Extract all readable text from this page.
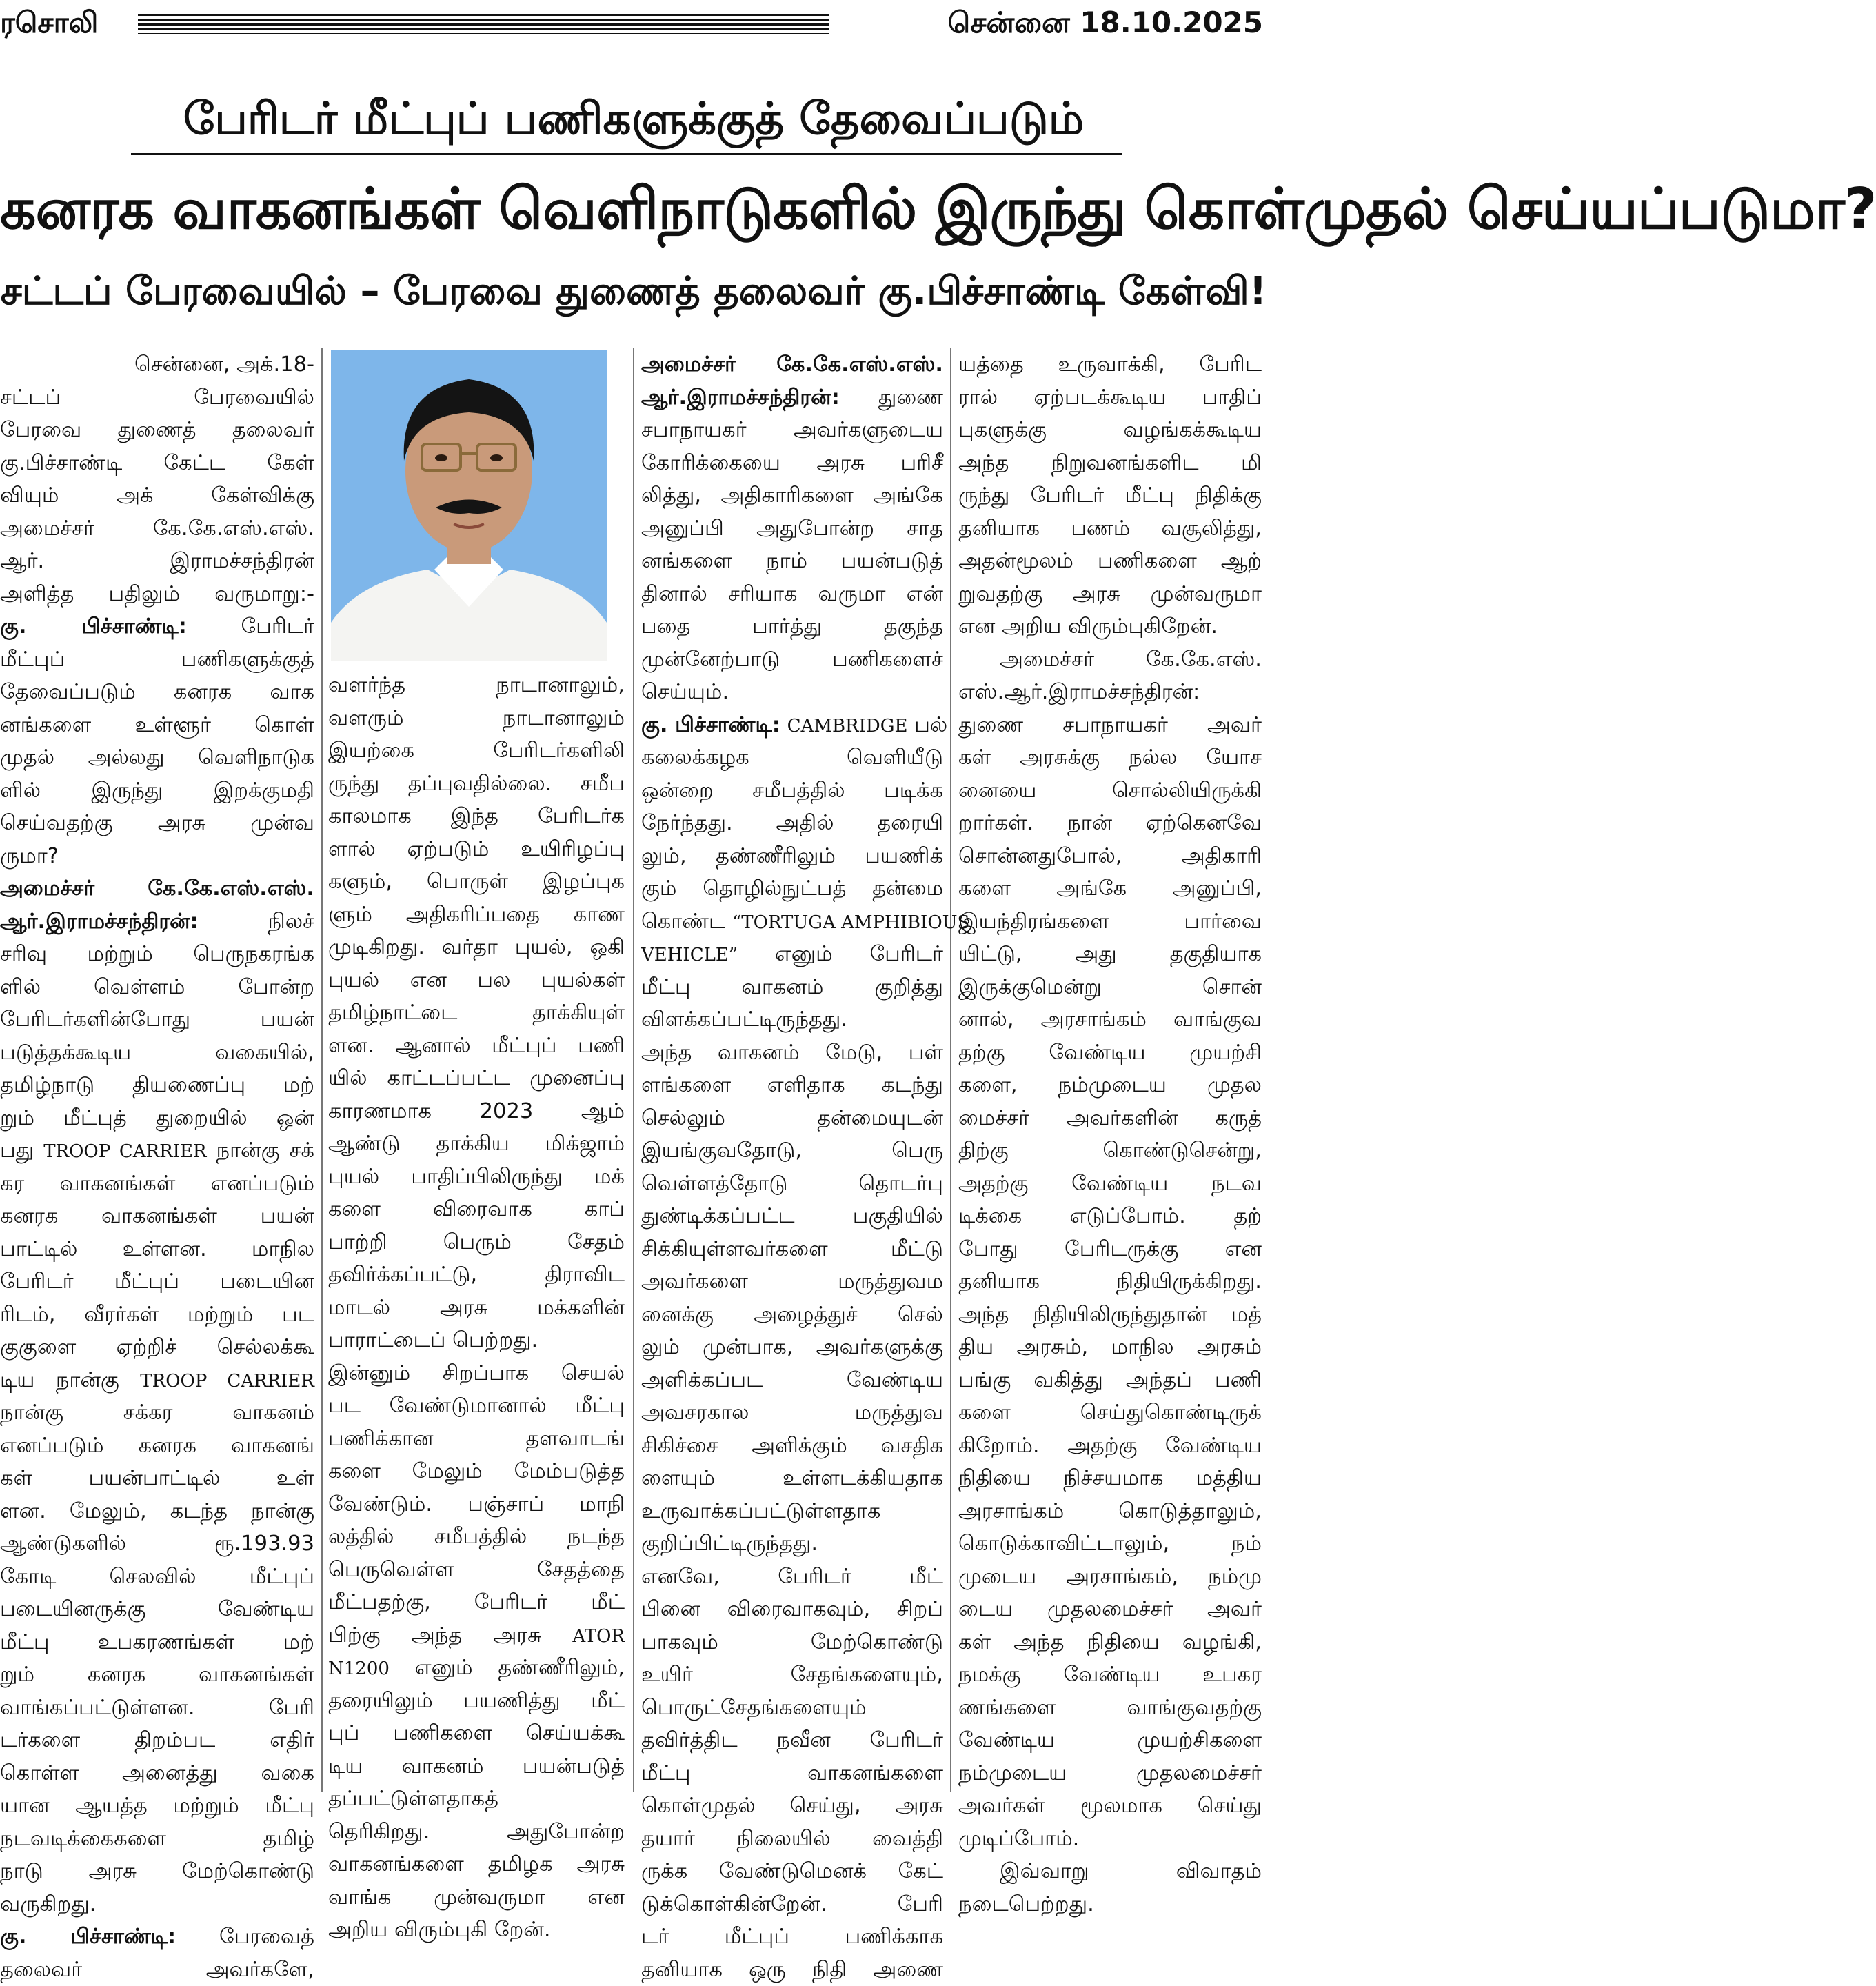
ரசொலி	சென்னை 18.10.2025
பேரிடர் மீட்புப் பணிகளுக்குத் தேவைப்படும்
கனரக வாகனங்கள் வெளிநாடுகளில் இருந்து கொள்முதல் செய்யப்படுமா?
சட்டப் பேரவையில் – பேரவை துணைத் தலைவர் கு.பிச்சாண்டி கேள்வி!
சென்னை, அக்.18-
சட்டப் பேரவையில்
பேரவை துணைத் தலைவர்
கு.பிச்சாண்டி கேட்ட கேள்
வியும் அக் கேள்விக்கு
அமைச்சர் கே.கே.எஸ்.எஸ்.
ஆர். இராமச்சந்திரன்
அளித்த பதிலும் வருமாறு:-
கு. பிச்சாண்டி:	பேரிடர்
மீட்புப் பணிகளுக்குத்
தேவைப்படும் கனரக வாக
னங்களை உள்ளூர் கொள்
முதல் அல்லது வெளிநாடுக
ளில் இருந்து இறக்குமதி
செய்வதற்கு அரசு முன்வ
ருமா?
அமைச்சர் கே.கே.எஸ்.எஸ்.
ஆர்.இராமச்சந்திரன்:	நிலச்
சரிவு மற்றும் பெருநகரங்க
ளில் வெள்ளம் போன்ற
பேரிடர்களின்போது பயன்
படுத்தக்கூடிய வகையில்,
தமிழ்நாடு தியணைப்பு மற்
றும் மீட்புத் துறையில் ஒன்
பது TROOP CARRIER நான்கு சக்
கர வாகனங்கள் எனப்படும்
கனரக வாகனங்கள் பயன்
பாட்டில் உள்ளன. மாநில
பேரிடர் மீட்புப் படையின
ரிடம், வீரர்கள் மற்றும் பட
குகுளை ஏற்றிச் செல்லக்கூ
டிய நான்கு TROOP CARRIER
நான்கு சக்கர வாகனம்
எனப்படும் கனரக வாகனங்
கள் பயன்பாட்டில் உள்
ளன. மேலும், கடந்த நான்கு
ஆண்டுகளில் ரூ.193.93
கோடி செலவில் மீட்புப்
படையினருக்கு வேண்டிய
மீட்பு உபகரணங்கள் மற்
றும் கனரக வாகனங்கள்
வாங்கப்பட்டுள்ளன. பேரி
டர்களை திறம்பட எதிர்
கொள்ள அனைத்து வகை
யான ஆயத்த மற்றும் மீட்பு
நடவடிக்கைகளை தமிழ்
நாடு அரசு மேற்கொண்டு
வருகிறது.
கு. பிச்சாண்டி: பேரவைத்
தலைவர் அவர்களே,
வளர்ந்த நாடானாலும்,
வளரும் நாடானாலும்
இயற்கை பேரிடர்களிலி
ருந்து தப்புவதில்லை. சமீப
காலமாக இந்த பேரிடர்க
ளால் ஏற்படும் உயிரிழப்பு
களும், பொருள் இழப்புக
ளும் அதிகரிப்பதை காண
முடிகிறது. வர்தா புயல், ஒகி
புயல் என பல புயல்கள்
தமிழ்நாட்டை தாக்கியுள்
ளன. ஆனால் மீட்புப் பணி
யில் காட்டப்பட்ட முனைப்பு
காரணமாக 2023 ஆம்
ஆண்டு தாக்கிய மிக்ஜாம்
புயல் பாதிப்பிலிருந்து மக்
களை விரைவாக காப்
பாற்றி பெரும் சேதம்
தவிர்க்கப்பட்டு, திராவிட
மாடல் அரசு மக்களின்
பாராட்டைப் பெற்றது.
இன்னும் சிறப்பாக செயல்
பட வேண்டுமானால் மீட்பு
பணிக்கான தளவாடங்
களை மேலும் மேம்படுத்த
வேண்டும். பஞ்சாப் மாநி
லத்தில் சமீபத்தில் நடந்த
பெருவெள்ள சேதத்தை
மீட்பதற்கு, பேரிடர் மீட்
பிற்கு அந்த அரசு ATOR
N1200 எனும் தண்ணீரிலும்,
தரையிலும் பயணித்து மீட்
புப் பணிகளை செய்யக்கூ
டிய வாகனம் பயன்படுத்
தப்பட்டுள்ளதாகத்
தெரிகிறது. அதுபோன்ற
வாகனங்களை தமிழக அரசு
வாங்க முன்வருமா என
அறிய விரும்புகி றேன்.
அமைச்சர் கே.கே.எஸ்.எஸ்.
ஆர்.இராமச்சந்திரன்: துணை
சபாநாயகர் அவர்களுடைய
கோரிக்கையை அரசு பரிசீ
லித்து, அதிகாரிகளை அங்கே
அனுப்பி அதுபோன்ற சாத
னங்களை நாம் பயன்படுத்
தினால் சரியாக வருமா என்
பதை பார்த்து தகுந்த
முன்னேற்பாடு பணிகளைச்
செய்யும்.
கு. பிச்சாண்டி: CAMBRIDGE பல்
கலைக்கழக வெளியீடு
ஒன்றை சமீபத்தில் படிக்க
நேர்ந்தது. அதில் தரையி
லும், தண்ணீரிலும் பயணிக்
கும் தொழில்நுட்பத் தன்மை
கொண்ட “TORTUGA AMPHIBIOUS
VEHICLE” எனும் பேரிடர்
மீட்பு வாகனம் குறித்து
விளக்கப்பட்டிருந்தது.
அந்த வாகனம் மேடு, பள்
ளங்களை எளிதாக கடந்து
செல்லும் தன்மையுடன்
இயங்குவதோடு, பெரு
வெள்ளத்தோடு தொடர்பு
துண்டிக்கப்பட்ட பகுதியில்
சிக்கியுள்ளவர்களை மீட்டு
அவர்களை மருத்துவம
னைக்கு அழைத்துச் செல்
லும் முன்பாக, அவர்களுக்கு
அளிக்கப்பட வேண்டிய
அவசரகால மருத்துவ
சிகிச்சை அளிக்கும் வசதிக
ளையும் உள்ளடக்கியதாக
உருவாக்கப்பட்டுள்ளதாக
குறிப்பிட்டிருந்தது.
எனவே, பேரிடர் மீட்
பினை விரைவாகவும், சிறப்
பாகவும் மேற்கொண்டு
உயிர் சேதங்களையும்,
பொருட்சேதங்களையும்
தவிர்த்திட நவீன பேரிடர்
மீட்பு வாகனங்களை
கொள்முதல் செய்து, அரசு
தயார் நிலையில் வைத்தி
ருக்க வேண்டுமெனக் கேட்
டுக்கொள்கின்றேன். பேரி
டர் மீட்புப் பணிக்காக
தனியாக ஒரு நிதி அணை
யத்தை உருவாக்கி, பேரிட
ரால் ஏற்படக்கூடிய பாதிப்
புகளுக்கு வழங்கக்கூடிய
அந்த நிறுவனங்களிட மி
ருந்து பேரிடர் மீட்பு நிதிக்கு
தனியாக பணம் வசூலித்து,
அதன்மூலம் பணிகளை ஆற்
றுவதற்கு அரசு முன்வருமா
என அறிய விரும்புகிறேன்.
அமைச்சர் கே.கே.எஸ்.
எஸ்.ஆர்.இராமச்சந்திரன்:
துணை சபாநாயகர் அவர்
கள் அரசுக்கு நல்ல யோச
னையை சொல்லியிருக்கி
றார்கள். நான் ஏற்கெனவே
சொன்னதுபோல், அதிகாரி
களை அங்கே அனுப்பி,
இயந்திரங்களை பார்வை
யிட்டு, அது தகுதியாக
இருக்குமென்று சொன்
னால், அரசாங்கம் வாங்குவ
தற்கு வேண்டிய முயற்சி
களை, நம்முடைய முதல
மைச்சர் அவர்களின் கருத்
திற்கு கொண்டுசென்று,
அதற்கு வேண்டிய நடவ
டிக்கை எடுப்போம். தற்
போது பேரிடருக்கு என
தனியாக நிதியிருக்கிறது.
அந்த நிதியிலிருந்துதான் மத்
திய அரசும், மாநில அரசும்
பங்கு வகித்து அந்தப் பணி
களை செய்துகொண்டிருக்
கிறோம். அதற்கு வேண்டிய
நிதியை நிச்சயமாக மத்திய
அரசாங்கம் கொடுத்தாலும்,
கொடுக்காவிட்டாலும், நம்
முடைய அரசாங்கம், நம்மு
டைய முதலமைச்சர் அவர்
கள் அந்த நிதியை வழங்கி,
நமக்கு வேண்டிய உபகர
ணங்களை வாங்குவதற்கு
வேண்டிய முயற்சிகளை
நம்முடைய முதலமைச்சர்
அவர்கள் மூலமாக செய்து
முடிப்போம்.
இவ்வாறு விவாதம்
நடைபெற்றது.
